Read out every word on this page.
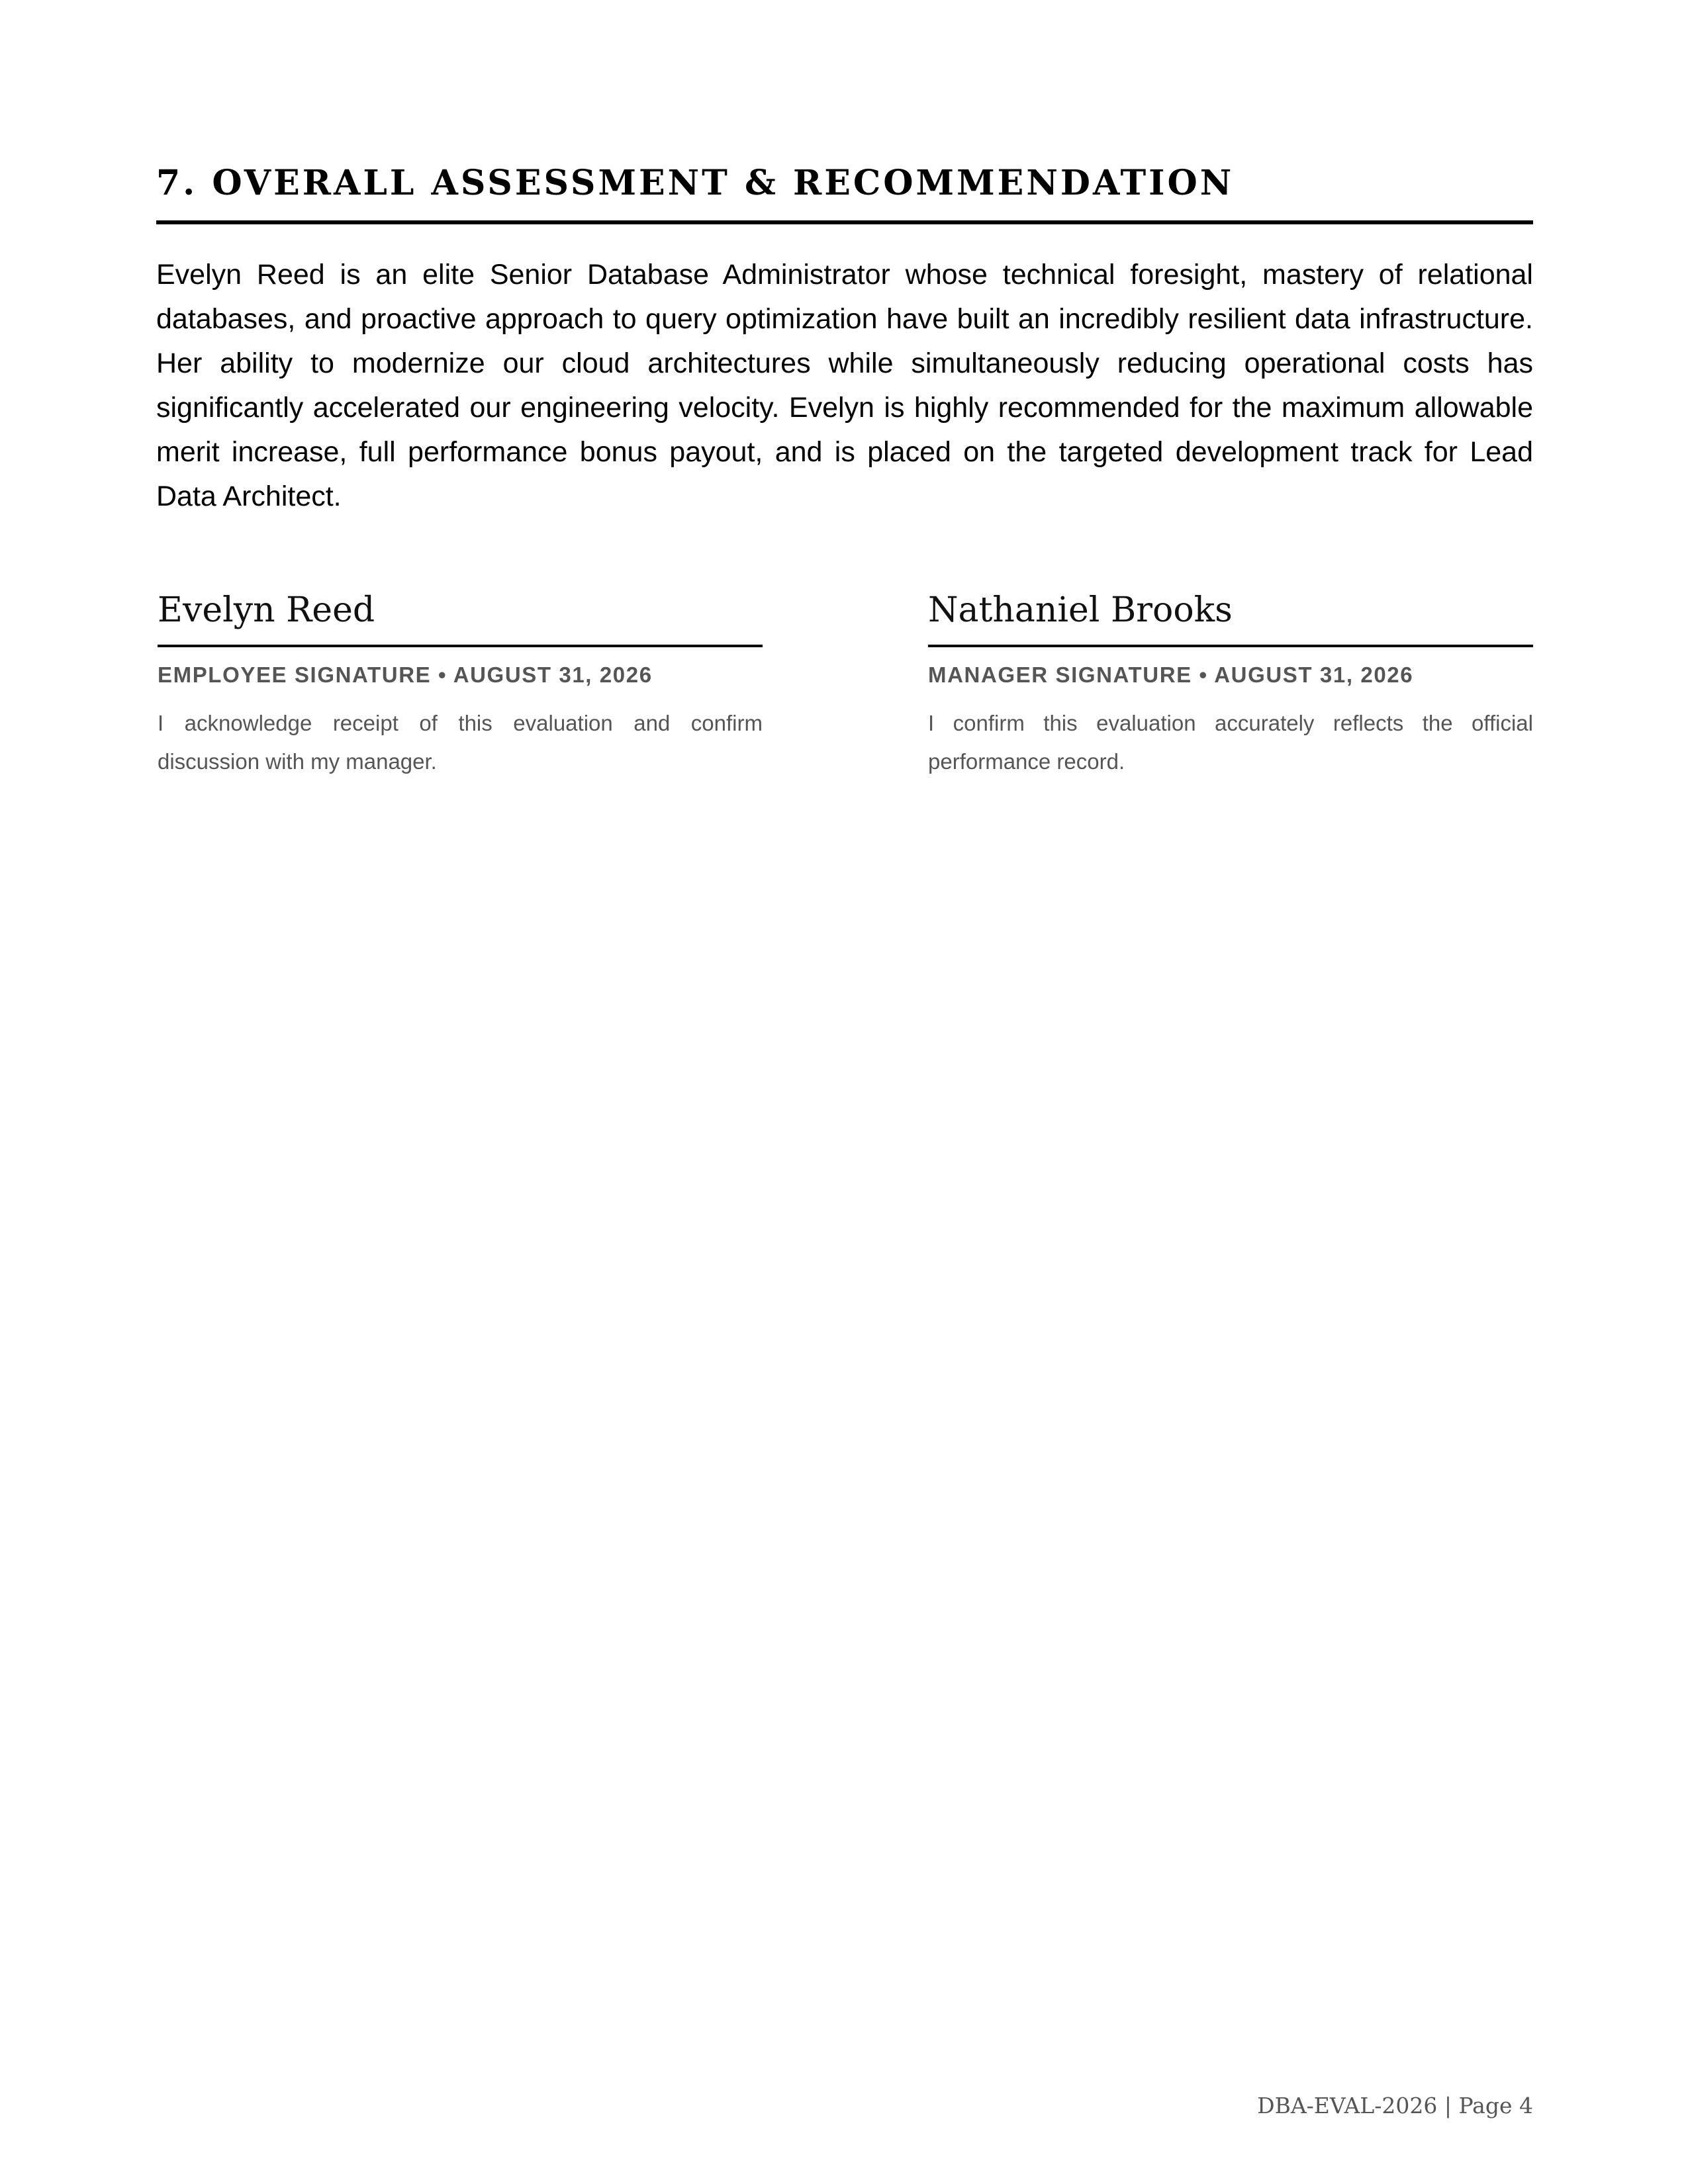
7. OVERALL ASSESSMENT & RECOMMENDATION

Evelyn Reed is an elite Senior Database Administrator whose technical foresight, mastery of relational databases, and proactive approach to query optimization have built an incredibly resilient data infrastructure. Her ability to modernize our cloud architectures while simultaneously reducing operational costs has significantly accelerated our engineering velocity. Evelyn is highly recommended for the maximum allowable merit increase, full performance bonus payout, and is placed on the targeted development track for Lead Data Architect.

Evelyn Reed
EMPLOYEE SIGNATURE • AUGUST 31, 2026
I acknowledge receipt of this evaluation and confirm discussion with my manager.
Nathaniel Brooks
MANAGER SIGNATURE • AUGUST 31, 2026
I confirm this evaluation accurately reflects the official performance record.
DBA-EVAL-2026 | Page 4
